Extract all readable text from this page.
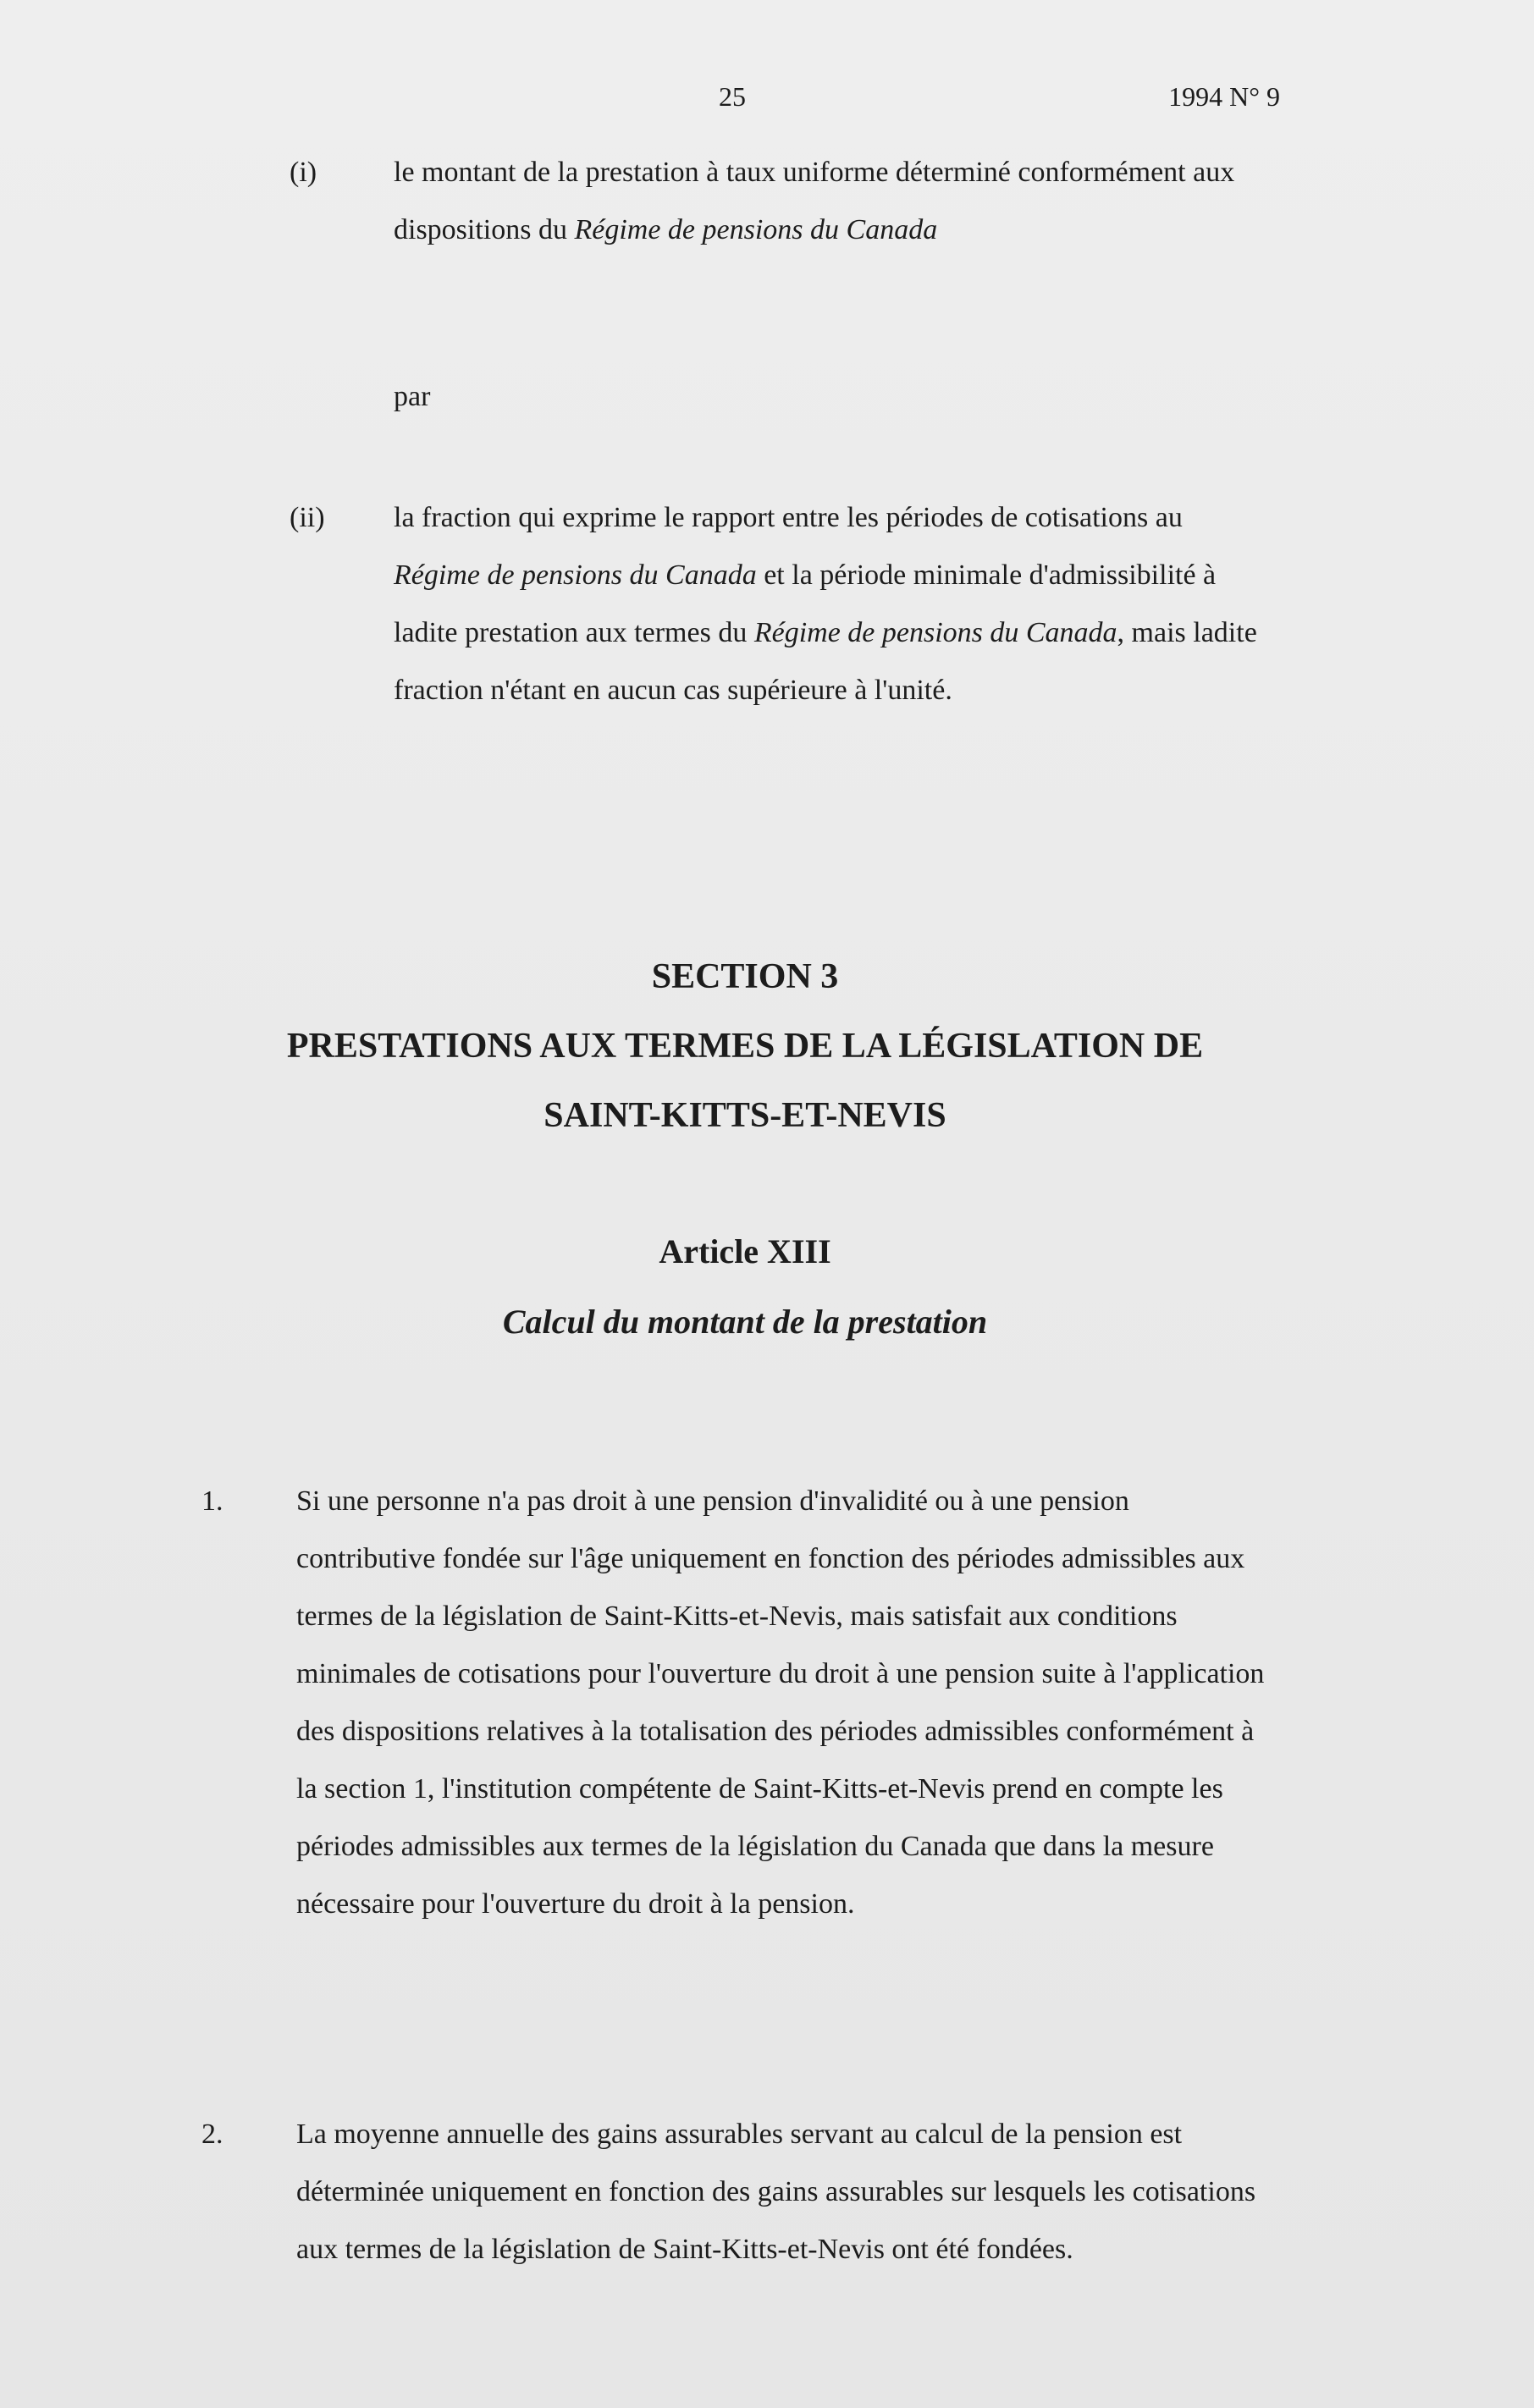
25	1994 N° 9
(i)	le montant de la prestation à taux uniforme déterminé conformément aux dispositions du Régime de pensions du Canada
par
(ii) la fraction qui exprime le rapport entre les périodes de cotisations au Régime de pensions du Canada et la période minimale d'admissibilité à ladite prestation aux termes du Régime de pensions du Canada, mais ladite fraction n'étant en aucun cas supérieure à l'unité.
SECTION 3
PRESTATIONS AUX TERMES DE LA LÉGISLATION DE
SAINT-KITTS-ET-NEVIS
Article XIII
Calcul du montant de la prestation
1.	Si une personne n'a pas droit à une pension d'invalidité ou à une pension contributive fondée sur l'âge uniquement en fonction des périodes admissibles aux termes de la législation de Saint-Kitts-et-Nevis, mais satisfait aux conditions minimales de cotisations pour l'ouverture du droit à une pension suite à l'application des dispositions relatives à la totalisation des périodes admissibles conformément à la section 1, l'institution compétente de Saint-Kitts-et-Nevis prend en compte les périodes admissibles aux termes de la législation du Canada que dans la mesure nécessaire pour l'ouverture du droit à la pension.
2.	La moyenne annuelle des gains assurables servant au calcul de la pension est déterminée uniquement en fonction des gains assurables sur lesquels les cotisations aux termes de la législation de Saint-Kitts-et-Nevis ont été fondées.
